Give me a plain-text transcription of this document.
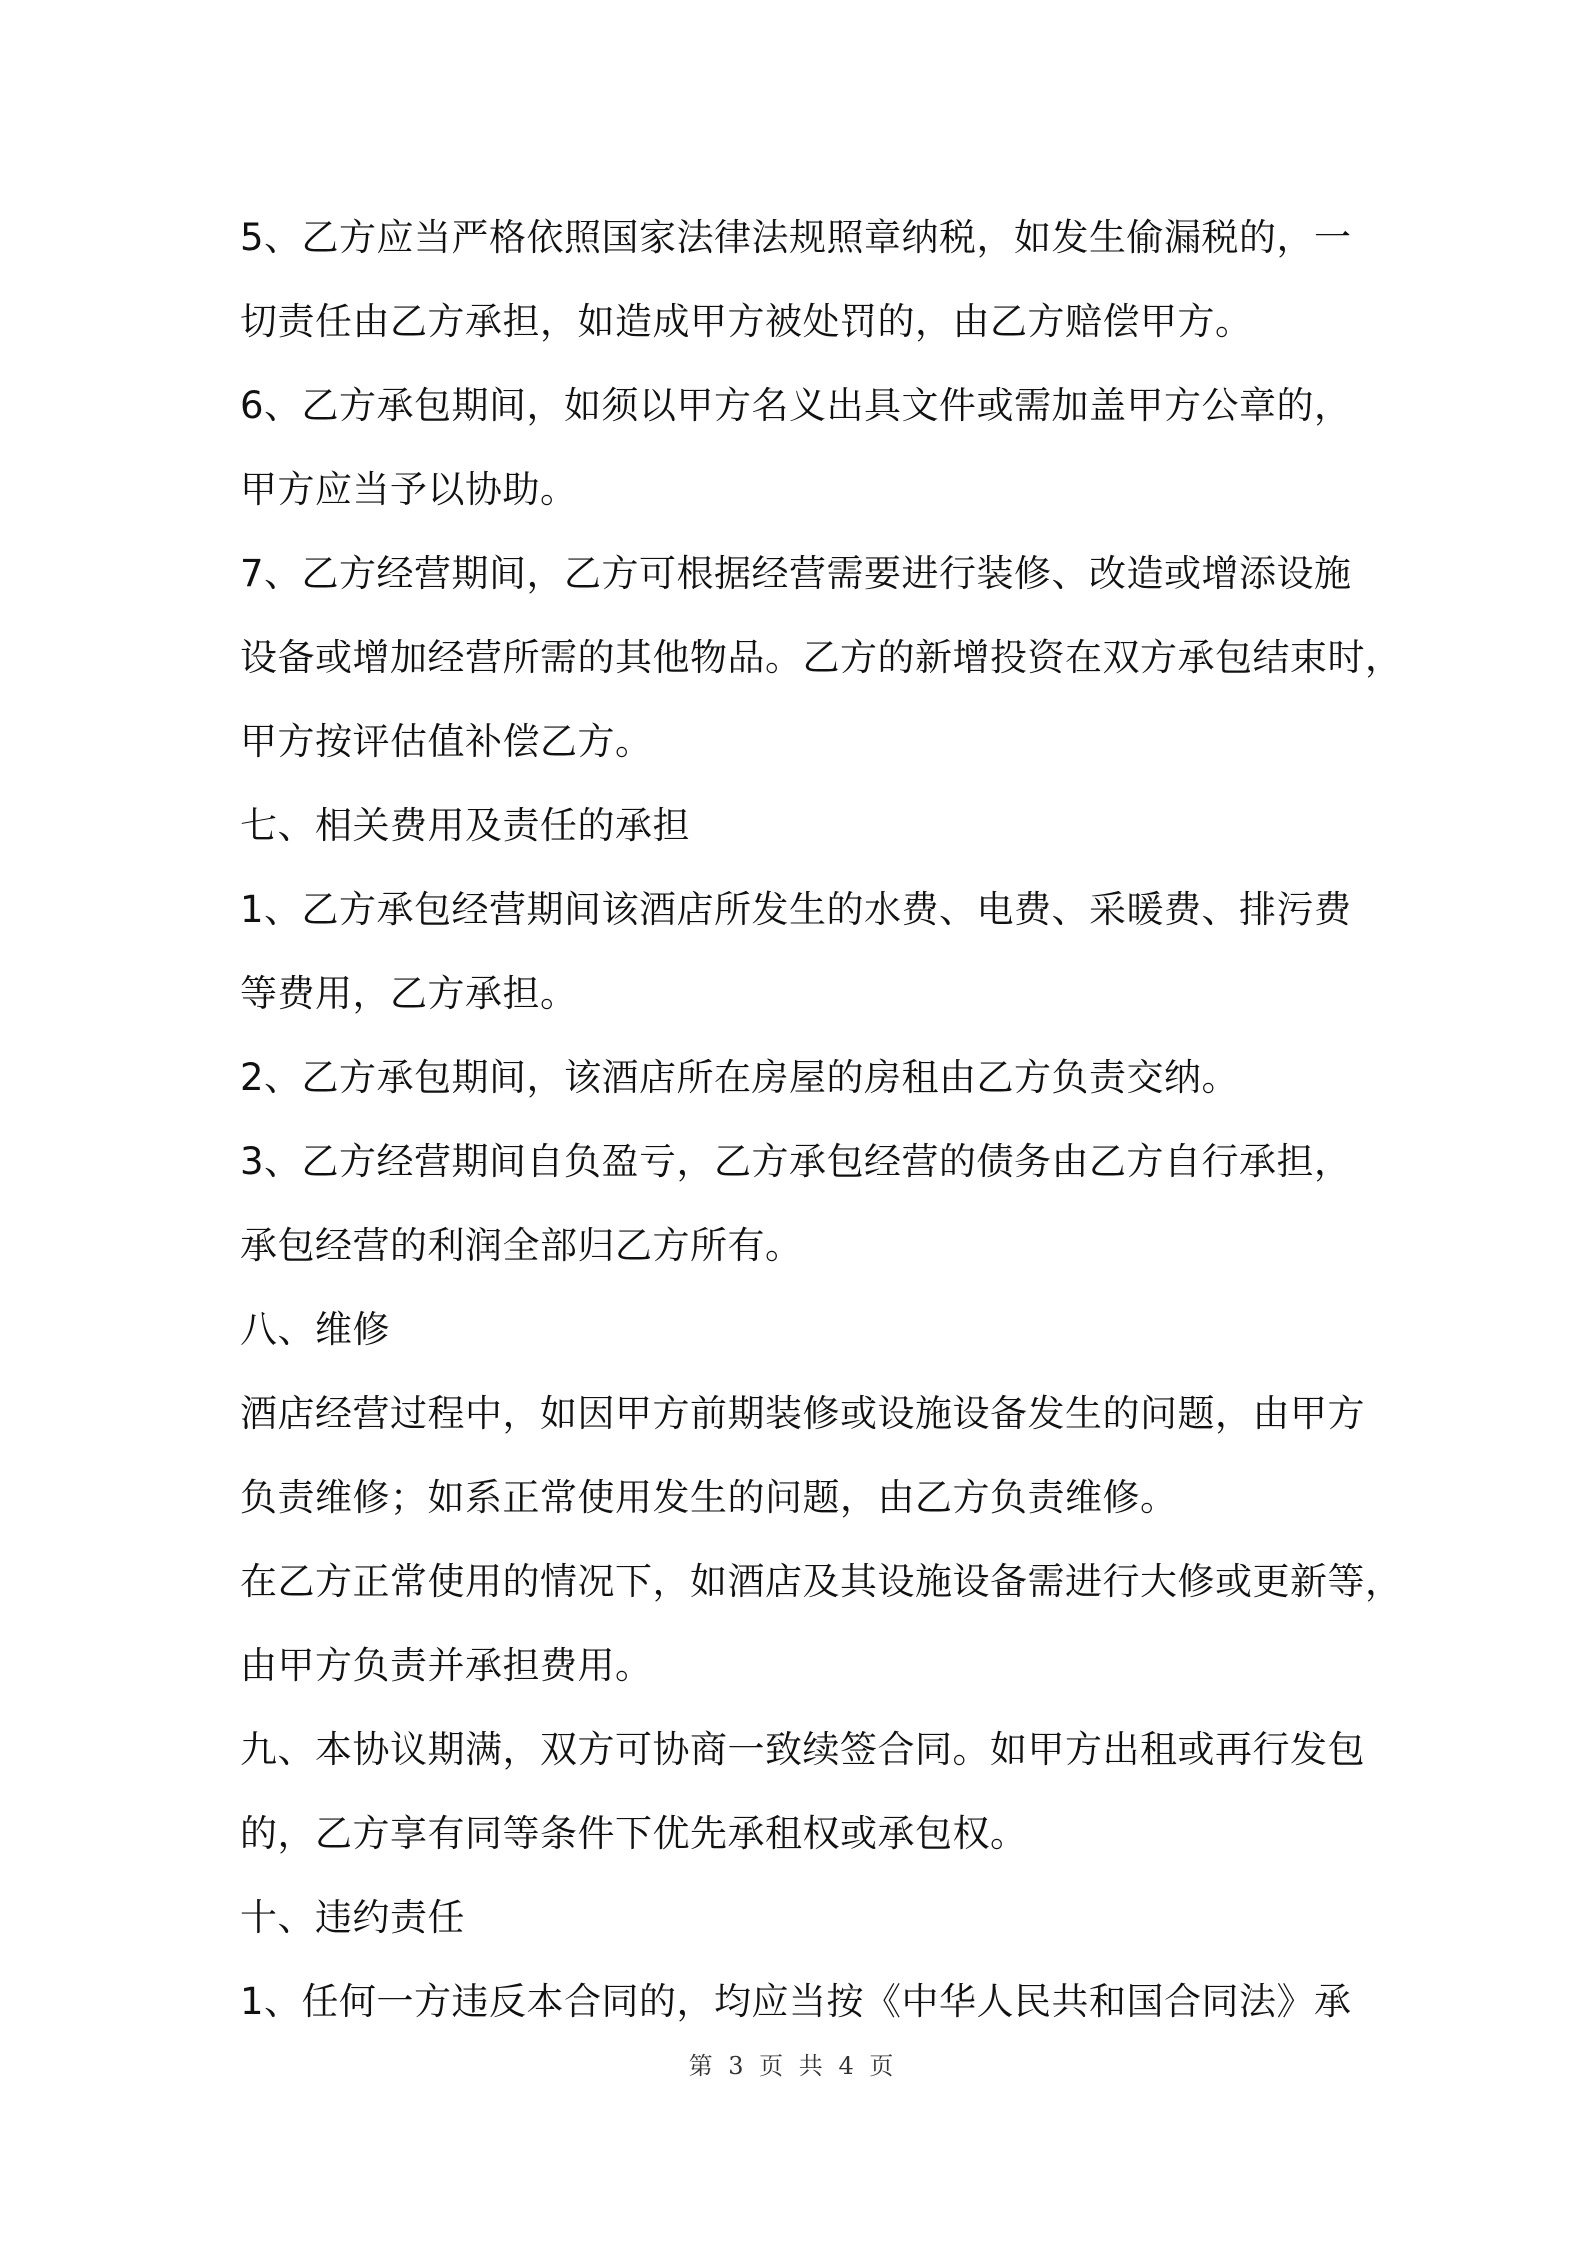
5、乙方应当严格依照国家法律法规照章纳税，如发生偷漏税的，一
切责任由乙方承担，如造成甲方被处罚的，由乙方赔偿甲方。
6、乙方承包期间，如须以甲方名义出具文件或需加盖甲方公章的，
甲方应当予以协助。
7、乙方经营期间，乙方可根据经营需要进行装修、改造或增添设施
设备或增加经营所需的其他物品。乙方的新增投资在双方承包结束时，
甲方按评估值补偿乙方。
七、相关费用及责任的承担
1、乙方承包经营期间该酒店所发生的水费、电费、采暖费、排污费
等费用，乙方承担。
2、乙方承包期间，该酒店所在房屋的房租由乙方负责交纳。
3、乙方经营期间自负盈亏，乙方承包经营的债务由乙方自行承担，
承包经营的利润全部归乙方所有。
八、维修
酒店经营过程中，如因甲方前期装修或设施设备发生的问题，由甲方
负责维修；如系正常使用发生的问题，由乙方负责维修。
在乙方正常使用的情况下，如酒店及其设施设备需进行大修或更新等，
由甲方负责并承担费用。
九、本协议期满，双方可协商一致续签合同。如甲方出租或再行发包
的，乙方享有同等条件下优先承租权或承包权。
十、违约责任
1、任何一方违反本合同的，均应当按《中华人民共和国合同法》承
第 3 页 共 4 页
